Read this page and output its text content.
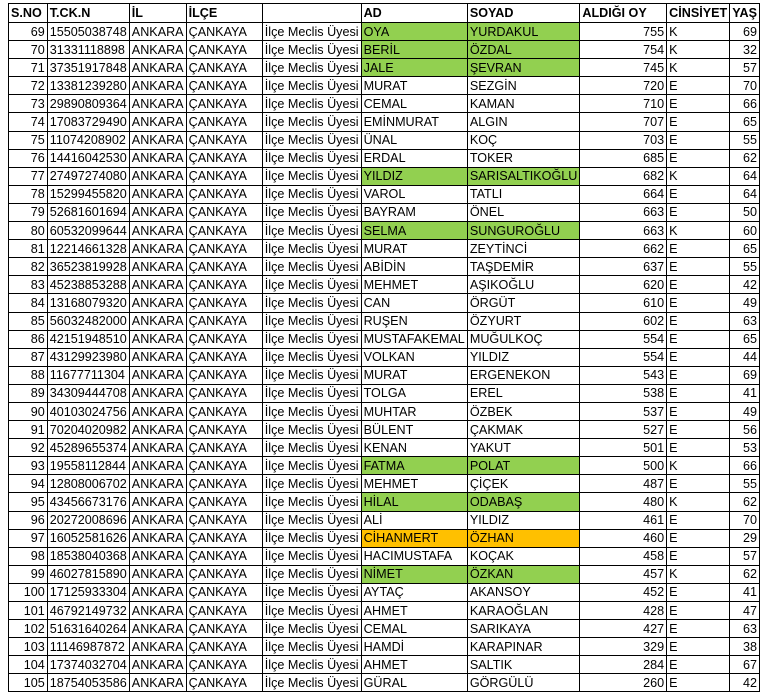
S.NO	T.CK.N	İL	İLÇE		AD	SOYAD	ALDIĞI OY	CİNSİYET	YAŞ
69	15505038748	ANKARA	ÇANKAYA	İlçe Meclis Üyesi	OYA	YURDAKUL	755	K	69
70	31331118898	ANKARA	ÇANKAYA	İlçe Meclis Üyesi	BERİL	ÖZDAL	754	K	32
71	37351917848	ANKARA	ÇANKAYA	İlçe Meclis Üyesi	JALE	ŞEVRAN	745	K	57
72	13381239280	ANKARA	ÇANKAYA	İlçe Meclis Üyesi	MURAT	SEZGİN	720	E	70
73	29890809364	ANKARA	ÇANKAYA	İlçe Meclis Üyesi	CEMAL	KAMAN	710	E	66
74	17083729490	ANKARA	ÇANKAYA	İlçe Meclis Üyesi	EMİNMURAT	ALGIN	707	E	65
75	11074208902	ANKARA	ÇANKAYA	İlçe Meclis Üyesi	ÜNAL	KOÇ	703	E	55
76	14416042530	ANKARA	ÇANKAYA	İlçe Meclis Üyesi	ERDAL	TOKER	685	E	62
77	27497274080	ANKARA	ÇANKAYA	İlçe Meclis Üyesi	YILDIZ	SARISALTIKOĞLU	682	K	64
78	15299455820	ANKARA	ÇANKAYA	İlçe Meclis Üyesi	VAROL	TATLI	664	E	64
79	52681601694	ANKARA	ÇANKAYA	İlçe Meclis Üyesi	BAYRAM	ÖNEL	663	E	50
80	60532099644	ANKARA	ÇANKAYA	İlçe Meclis Üyesi	SELMA	SUNGUROĞLU	663	K	60
81	12214661328	ANKARA	ÇANKAYA	İlçe Meclis Üyesi	MURAT	ZEYTİNCİ	662	E	65
82	36523819928	ANKARA	ÇANKAYA	İlçe Meclis Üyesi	ABİDİN	TAŞDEMİR	637	E	55
83	45238853288	ANKARA	ÇANKAYA	İlçe Meclis Üyesi	MEHMET	AŞIKOĞLU	620	E	42
84	13168079320	ANKARA	ÇANKAYA	İlçe Meclis Üyesi	CAN	ÖRGÜT	610	E	49
85	56032482000	ANKARA	ÇANKAYA	İlçe Meclis Üyesi	RUŞEN	ÖZYURT	602	E	63
86	42151948510	ANKARA	ÇANKAYA	İlçe Meclis Üyesi	MUSTAFAKEMAL	MUĞULKOÇ	554	E	65
87	43129923980	ANKARA	ÇANKAYA	İlçe Meclis Üyesi	VOLKAN	YILDIZ	554	E	44
88	11677711304	ANKARA	ÇANKAYA	İlçe Meclis Üyesi	MURAT	ERGENEKON	543	E	69
89	34309444708	ANKARA	ÇANKAYA	İlçe Meclis Üyesi	TOLGA	EREL	538	E	41
90	40103024756	ANKARA	ÇANKAYA	İlçe Meclis Üyesi	MUHTAR	ÖZBEK	537	E	49
91	70204020982	ANKARA	ÇANKAYA	İlçe Meclis Üyesi	BÜLENT	ÇAKMAK	527	E	56
92	45289655374	ANKARA	ÇANKAYA	İlçe Meclis Üyesi	KENAN	YAKUT	501	E	53
93	19558112844	ANKARA	ÇANKAYA	İlçe Meclis Üyesi	FATMA	POLAT	500	K	66
94	12808006702	ANKARA	ÇANKAYA	İlçe Meclis Üyesi	MEHMET	ÇİÇEK	487	E	55
95	43456673176	ANKARA	ÇANKAYA	İlçe Meclis Üyesi	HİLAL	ODABAŞ	480	K	62
96	20272008696	ANKARA	ÇANKAYA	İlçe Meclis Üyesi	ALİ	YILDIZ	461	E	70
97	16052581626	ANKARA	ÇANKAYA	İlçe Meclis Üyesi	CİHANMERT	ÖZHAN	460	E	29
98	18538040368	ANKARA	ÇANKAYA	İlçe Meclis Üyesi	HACIMUSTAFA	KOÇAK	458	E	57
99	46027815890	ANKARA	ÇANKAYA	İlçe Meclis Üyesi	NİMET	ÖZKAN	457	K	62
100	17125933304	ANKARA	ÇANKAYA	İlçe Meclis Üyesi	AYTAÇ	AKANSOY	452	E	41
101	46792149732	ANKARA	ÇANKAYA	İlçe Meclis Üyesi	AHMET	KARAOĞLAN	428	E	47
102	51631640264	ANKARA	ÇANKAYA	İlçe Meclis Üyesi	CEMAL	SARIKAYA	427	E	63
103	11146987872	ANKARA	ÇANKAYA	İlçe Meclis Üyesi	HAMDİ	KARAPINAR	329	E	38
104	17374032704	ANKARA	ÇANKAYA	İlçe Meclis Üyesi	AHMET	SALTIK	284	E	67
105	18754053586	ANKARA	ÇANKAYA	İlçe Meclis Üyesi	GÜRAL	GÖRGÜLÜ	260	E	42
